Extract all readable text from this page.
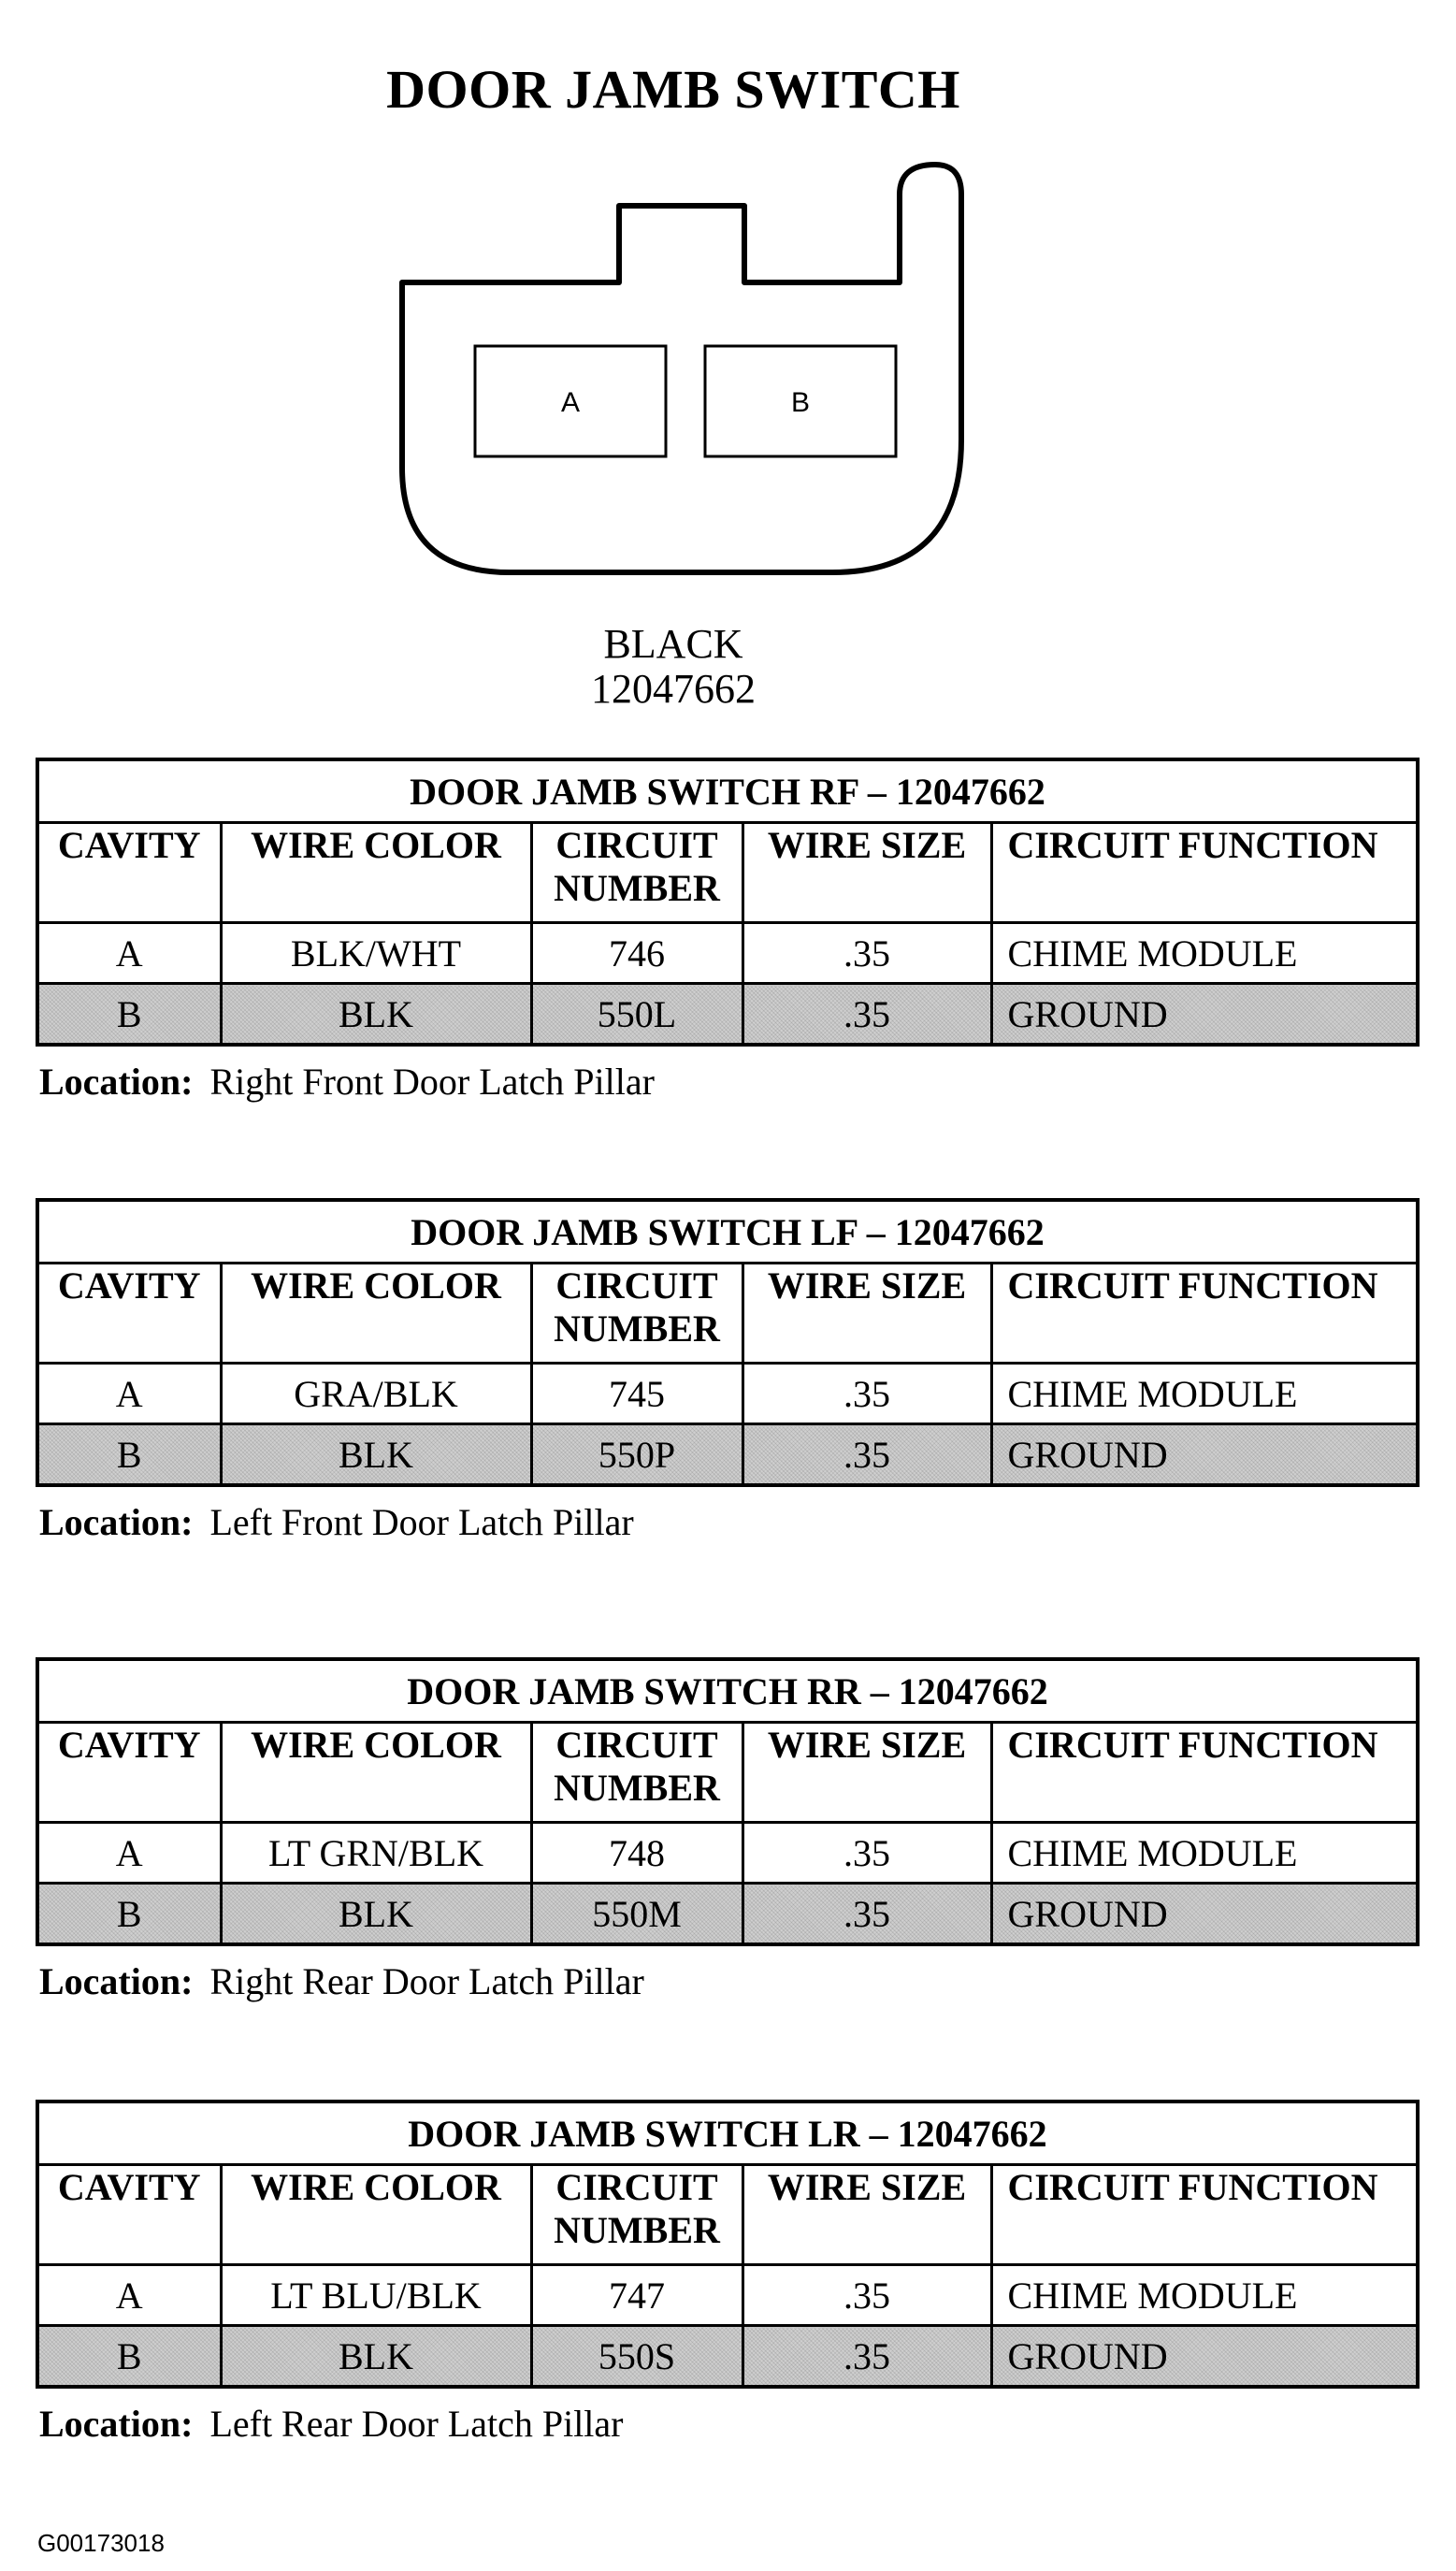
DOOR JAMB SWITCH
A	B
BLACK
12047662
DOOR JAMB SWITCH RF – 12047662				
CAVITY	WIRE COLOR	CIRCUIT NUMBER	WIRE SIZE	CIRCUIT FUNCTION
A	BLK/WHT	746	.35	CHIME MODULE
B	BLK	550L	.35	GROUND
Location: Right Front Door Latch Pillar
DOOR JAMB SWITCH LF – 12047662				
CAVITY	WIRE COLOR	CIRCUIT NUMBER	WIRE SIZE	CIRCUIT FUNCTION
A	GRA/BLK	745	.35	CHIME MODULE
B	BLK	550P	.35	GROUND
Location: Left Front Door Latch Pillar
DOOR JAMB SWITCH RR – 12047662				
CAVITY	WIRE COLOR	CIRCUIT NUMBER	WIRE SIZE	CIRCUIT FUNCTION
A	LT GRN/BLK	748	.35	CHIME MODULE
B	BLK	550M	.35	GROUND
Location: Right Rear Door Latch Pillar
DOOR JAMB SWITCH LR – 12047662				
CAVITY	WIRE COLOR	CIRCUIT NUMBER	WIRE SIZE	CIRCUIT FUNCTION
A	LT BLU/BLK	747	.35	CHIME MODULE
B	BLK	550S	.35	GROUND
Location: Left Rear Door Latch Pillar
G00173018
